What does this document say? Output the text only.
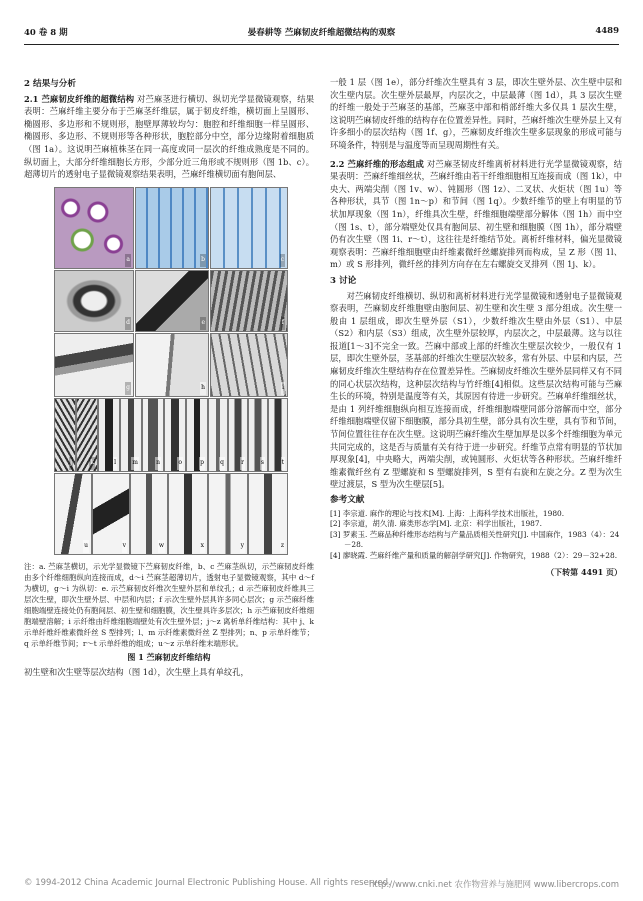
40 卷 8 期	晏春耕等 苎麻韧皮纤维超微结构的观察	4489
2 结果与分析

2.1 苎麻韧皮纤维的超微结构 对苎麻茎进行横切、纵切光学显微镜观察，结果表明：苎麻纤维主要分布于苎麻茎纤维层，属于韧皮纤维，横切面上呈圆形、椭圆形、多边形和不规则形，胞壁厚薄较均匀：胞腔和纤维细胞一样呈圆形、椭圆形、多边形、不规则形等各种形状，胞腔部分中空，部分边缘附着细胞质（图 1a）。这说明苎麻植株茎在同一高度或同一层次的纤维成熟度是不同的。纵切面上，大部分纤维细胞长方形，少部分近三角形或不规则形（图 1b、c）。超薄切片的透射电子显微镜观察结果表明，苎麻纤维横切面有胞间层、

a	b	c
d	e	f
g	h	i
j	k	l	m	n	o	p	q	r	s	t
u	v	w	x	y	z
注：a. 苎麻茎横切，示光学显微镜下苎麻韧皮纤维，b、c 苎麻茎纵切，示苎麻韧皮纤维由多个纤维细胞纵向连接而成，d～i 苎麻茎超薄切片，透射电子显微镜观察，其中 d～f 为横切，g～i 为纵切：e. 示苎麻韧皮纤维次生壁外层和单纹孔；d 示苎麻韧皮纤维具三层次生壁，即次生壁外层、中层和内层；f 示次生壁外层具许多同心层次；g 示苎麻纤维细胞端壁连接处仍有胞间层、初生壁和细胞膜，次生壁具许多层次；h 示苎麻韧皮纤维细胞端壁溶解；i 示纤维由纤维细胞端壁处有次生壁外层；j～z 离析单纤维结构：其中 j、k 示单纤维纤维素微纤丝 S 型排列；l、m 示纤维素微纤丝 Z 型排列；n、p 示单纤维节；q 示单纤维节间；r～t 示单纤维的组成；u～z 示单纤维末端形状。
图 1 苎麻韧皮纤维结构

初生壁和次生壁等层次结构（图 1d），次生壁上具有单纹孔，

一般 1 层（图 1e），部分纤维次生壁具有 3 层，即次生壁外层、次生壁中层和次生壁内层。次生壁外层最厚，内层次之，中层最薄（图 1d），具 3 层次生壁的纤维一般处于苎麻茎的基部，苎麻茎中部和梢部纤维大多仅具 1 层次生壁，这说明苎麻韧皮纤维的结构存在位置差异性。同时，苎麻纤维次生壁外层上又有许多细小的层次结构（图 1f、g），苎麻韧皮纤维次生壁多层现象的形成可能与环境条件，特别是与温度等而呈现周期性有关。

2.2 苎麻纤维的形态组成 对苎麻茎韧皮纤维离析材料进行光学显微镜观察，结果表明：苎麻纤维细丝状，苎麻纤维由若干纤维细胞相互连接而成（图 1k），中央大、两端尖削（图 1v、w）、钝圆形（图 1z）、二叉状、火炬状（图 1u）等各种形状，具节（图 1n～p）和节间（图 1q）。少数纤维节的壁上有明显的节状加厚现象（图 1n），纤维具次生壁，纤维细胞端壁部分解体（图 1h）而中空（图 1s、t），部分端壁处仅具有胞间层、初生壁和细胞膜（图 1h），部分端壁仍有次生壁（图 1i、r～t），这往往是纤维结节处。离析纤维材料，偏光显微镜观察表明：苎麻纤维细胞壁由纤维素微纤丝螺旋排列而构成，呈 Z 形（图 1l、m）或 S 形排列，微纤丝的排列方向存在左右螺旋交叉排列（图 1j、k）。

3 讨论

对苎麻韧皮纤维横切、纵切和离析材料进行光学显微镜和透射电子显微镜观察表明，苎麻韧皮纤维胞壁由胞间层、初生壁和次生壁 3 部分组成。次生壁一般由 1 层组成，即次生壁外层（S1），少数纤维次生壁由外层（S1）、中层（S2）和内层（S3）组成，次生壁外层较厚，内层次之，中层最薄。这与以往报道[1～3]不完全一致。苎麻中部或上部的纤维次生壁层次较少，一般仅有 1 层，即次生壁外层，茎基部的纤维次生壁层次较多，常有外层、中层和内层，苎麻韧皮纤维次生壁结构存在位置差异性。苎麻韧皮纤维次生壁外层同样又有不同的同心状层次结构，这种层次结构与竹纤维[4]相似。这些层次结构可能与苎麻生长的环境，特别是温度等有关，其原因有待进一步研究。苎麻单纤维细丝状，是由 1 列纤维细胞纵向相互连接而成，纤维细胞端壁同部分溶解而中空，部分纤维细胞端壁仅留下细胞膜，部分具初生壁，部分具有次生壁，具有节和节间，节间位置往往存在次生壁。这说明苎麻纤维次生壁加厚是以多个纤维细胞为单元共同完成的，这是否与质量有关有待于进一步研究。纤维节点常有明显的节状加厚现象[4]，中央略大，两端尖削，或钝圆形、火炬状等各种形状。苎麻纤维纤维素微纤丝有 Z 型螺旋和 S 型螺旋排列，S 型有右旋和左旋之分。Z 型为次生壁过渡层，S 型为次生壁层[5]。

参考文献
[1] 李宗道. 麻作的理论与技术[M]. 上海：上海科学技术出版社，1980.
[2] 李宗道，胡久清. 麻类形态学[M]. 北京：科学出版社，1987.
[3] 罗素玉. 苎麻品种纤维形态结构与产量品质相关性研究[J]. 中国麻作，1983（4）：24－28.
[4] 廖晓霞. 苎麻纤维产量和质量的解剖学研究[J]. 作物研究，1988（2）：29－32+28.
（下转第 4491 页）
© 1994-2012 China Academic Journal Electronic Publishing House. All rights reserved.
http://www.cnki.net 农作物营养与施肥网 www.libercrops.com
